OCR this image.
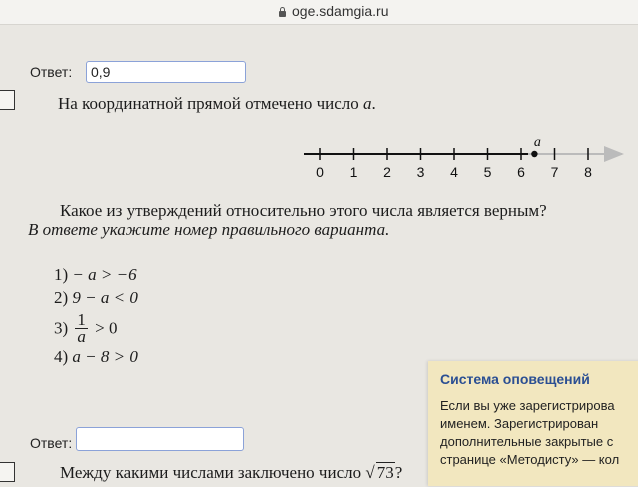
oge.sdamgia.ru
Ответ:
0,9
На координатной прямой отмечено число a.
0 1 2 3 4 5 6 7 8
a
Какое из утверждений относительно этого числа является верным?
В ответе укажите номер правильного варианта.
1) − a > −6
2) 9 − a < 0
$3) \frac{1}{a} > 0$
4) a − 8 > 0
Ответ:
Между какими числами заключено число √ 73?
Система оповещений
Если вы уже зарегистрирова
именем. Зарегистрирован
дополнительные закрытые с
странице «Методисту» — кол
